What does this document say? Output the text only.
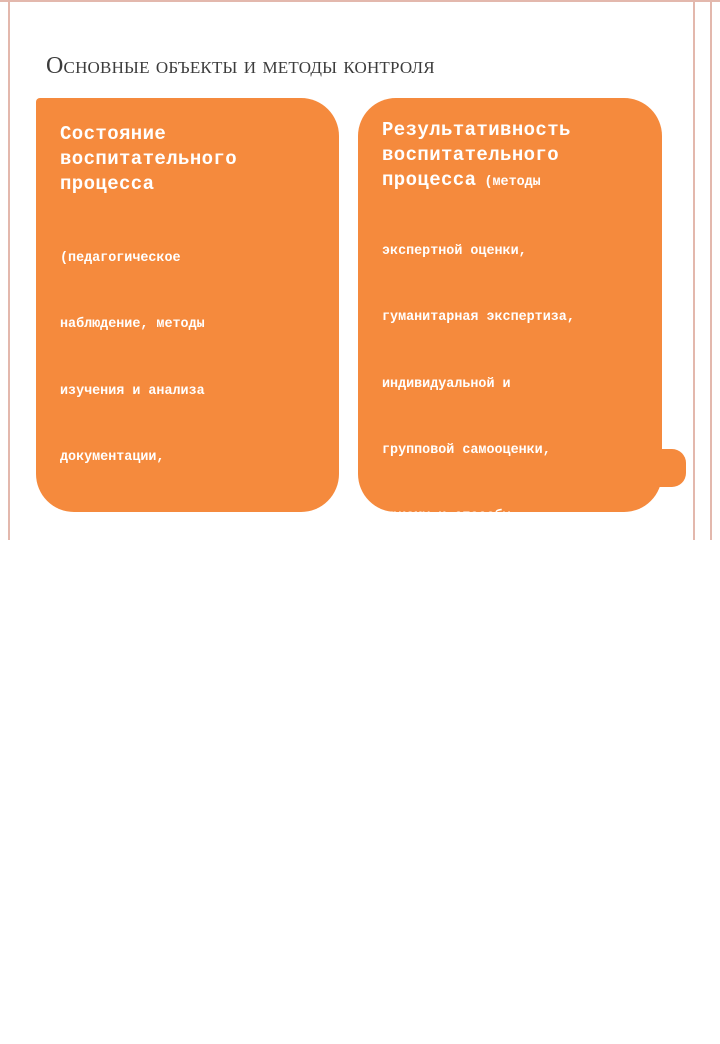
Основные объекты и методы контроля
Состояние
воспитательного
процесса

(педагогическое

наблюдение, методы

изучения и анализа

документации,

диагностические

методики исследования

состояния отношений,

общения  и деятельности,

способы коллективного и

индивидуального

анализа и самоанализа

проведенных дел и др. )

Результативность
воспитательного
процесса (методы

экспертной оценки,

гуманитарная экспертиза,

индивидуальной и

групповой самооценки,

приемы и способы

анализа продуктов

творческой деятельности

учащихся, тестирование,

методы математическо-

статистической обработки

полученных результатов

и др.)
